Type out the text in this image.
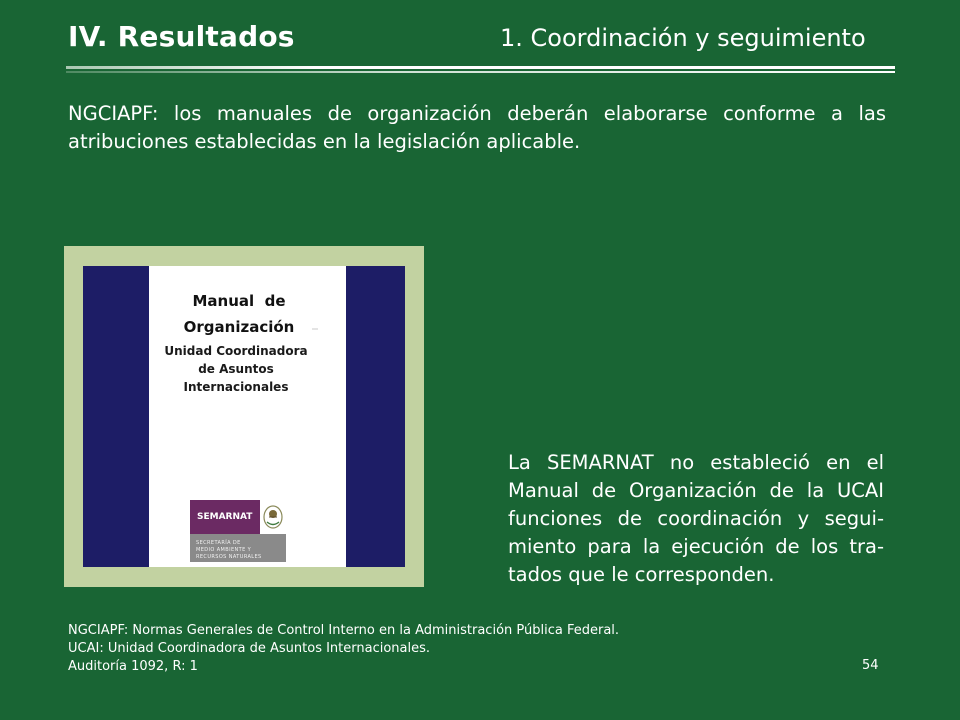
IV. Resultados	1. Coordinación y seguimiento
NGCIAPF: los manuales de organización deberán elaborarse conforme a las atribuciones establecidas en la legislación aplicable.
Manual  de
Organización
Unidad Coordinadora
de Asuntos
Internacionales
SEMARNAT
SECRETARÍA DE
MEDIO AMBIENTE Y
RECURSOS NATURALES
La SEMARNAT no estableció en el Manual de Organización de la UCAI funciones de coordinación y segui-miento para la ejecución de los tra-tados que le corresponden.
NGCIAPF: Normas Generales de Control Interno en la Administración Pública Federal.
UCAI: Unidad Coordinadora de Asuntos Internacionales.
Auditoría 1092, R: 1	54
